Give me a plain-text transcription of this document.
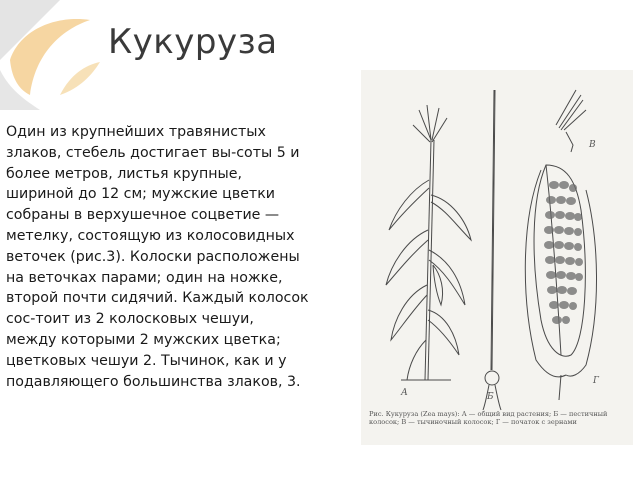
Кукуруза
Один из крупнейших травянистых
злаков, стебель достигает вы-соты 5 и
более метров, листья крупные,
шириной до 12 см; мужские цветки
собраны в верхушечное соцветие —
метелку, состоящую из колосовидных
веточек (рис.3). Колоски расположены
на веточках парами; один на ножке,
второй почти сидячий. Каждый колосок
сос-тоит из 2 колосковых чешуи,
между которыми 2 мужских цветка;
цветковых чешуи 2. Тычинок, как и у
подавляющего большинства злаков, 3.
А	Б
В
Г
Рис. Кукуруза (Zea mays): А — общий вид растения; Б — пестичный колосок; В — тычиночный колосок; Г — початок с зернами
